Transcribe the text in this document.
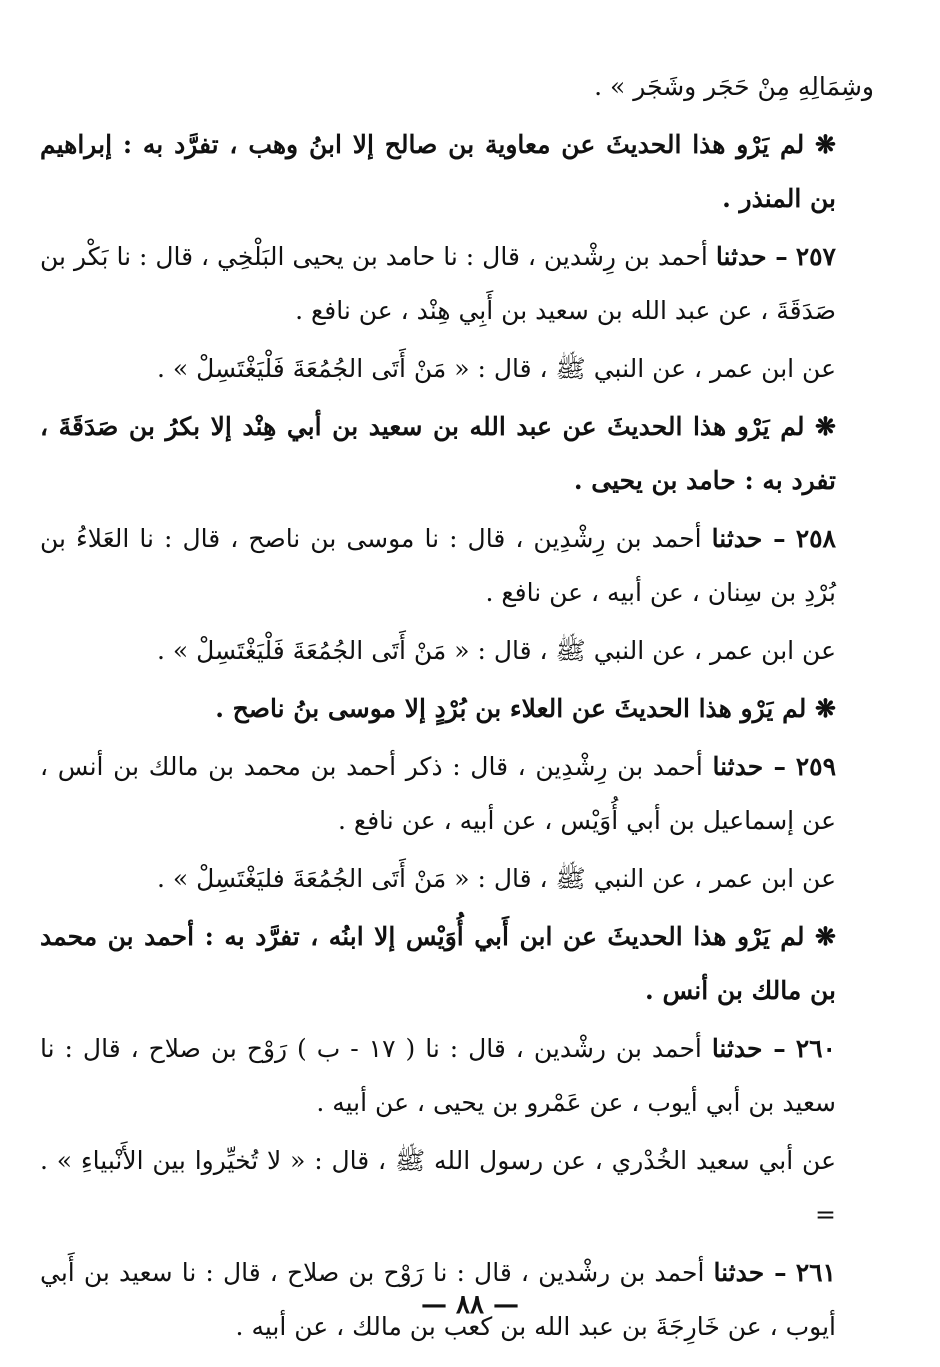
وشِمَالِهِ مِنْ حَجَر وشَجَر » .

❋ لم يَرْو هذا الحديثَ عن معاوية بن صالح إلا ابنُ وهب ، تفرَّد به : إبراهيم بن المنذر .

٢٥٧ – حدثنا أحمد بن رِشْدين ، قال : نا حامد بن يحيى البَلْخِي ، قال : نا بَكْر بن صَدَقَةَ ، عن عبد الله بن سعيد بن أَبِي هِنْد ، عن نافع .

عن ابن عمر ، عن النبي ﷺ ، قال : « مَنْ أَتَى الجُمُعَةَ فَلْيَغْتَسِلْ » .

❋ لم يَرْو هذا الحديثَ عن عبد الله بن سعيد بن أبي هِنْد إلا بكرُ بن صَدَقَةَ ، تفرد به : حامد بن يحيى .

٢٥٨ – حدثنا أحمد بن رِشْدِين ، قال : نا موسى بن ناصح ، قال : نا العَلاءُ بن بُرْدِ بن سِنان ، عن أبيه ، عن نافع .

عن ابن عمر ، عن النبي ﷺ ، قال : « مَنْ أَتَى الجُمُعَةَ فَلْيَغْتَسِلْ » .

❋ لم يَرْو هذا الحديثَ عن العلاء بن بُرْدٍ إلا موسى بنُ ناصح .

٢٥٩ – حدثنا أحمد بن رِشْدِين ، قال : ذكر أحمد بن محمد بن مالك بن أنس ، عن إسماعيل بن أبي أُوَيْس ، عن أبيه ، عن نافع .

عن ابن عمر ، عن النبي ﷺ ، قال : « مَنْ أَتَى الجُمُعَةَ فليَغْتَسِلْ » .

❋ لم يَرْو هذا الحديثَ عن ابن أَبي أُوَيْس إلا ابنُه ، تفرَّد به : أحمد بن محمد بن مالك بن أنس .

٢٦٠ – حدثنا أحمد بن رشْدين ، قال : نا ( ١٧ - ب ) رَوْح بن صلاح ، قال : نا سعيد بن أبي أيوب ، عن عَمْرو بن يحيى ، عن أبيه .

عن أبي سعيد الخُدْري ، عن رسول الله ﷺ ، قال : « لا تُخيِّروا بين الأَنْبياءِ » . =

٢٦١ – حدثنا أحمد بن رشْدين ، قال : نا رَوْح بن صلاح ، قال : نا سعيد بن أَبي أيوب ، عن خَارِجَةَ بن عبد الله بن كعب بن مالك ، عن أبيه .

— ٨٨ —
